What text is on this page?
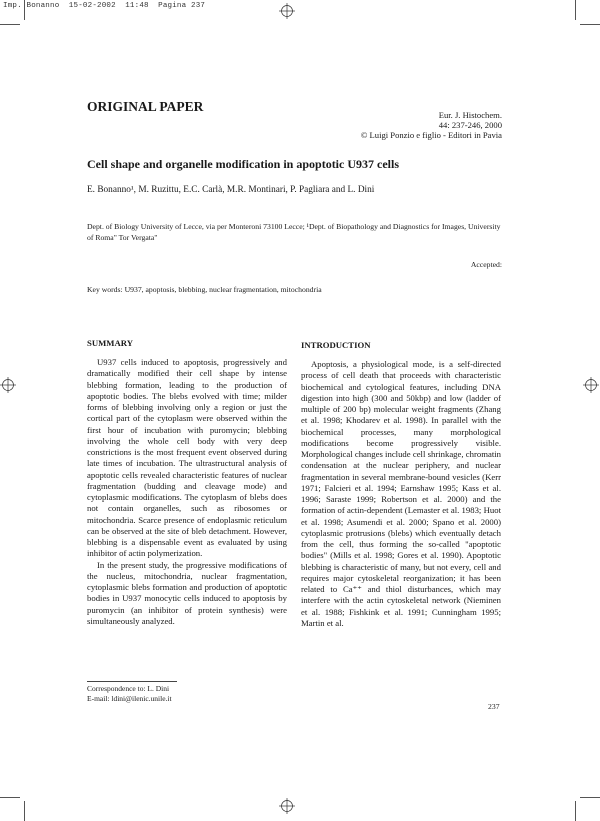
Imp. Bonanno  15-02-2002  11:48  Pagina 237
ORIGINAL PAPER
Eur. J. Histochem.
44: 237-246, 2000
© Luigi Ponzio e figlio - Editori in Pavia
Cell shape and organelle modification in apoptotic U937 cells
E. Bonanno¹, M. Ruzittu, E.C. Carlà, M.R. Montinari, P. Pagliara and L. Dini
Dept. of Biology University of Lecce, via per Monteroni 73100 Lecce; ¹Dept. of Biopathology and Diagnostics for Images, University of Roma" Tor Vergata"
Accepted:
Key words: U937, apoptosis, blebbing, nuclear fragmentation, mitochondria
SUMMARY

U937 cells induced to apoptosis, progressively and dramatically modified their cell shape by intense blebbing formation, leading to the production of apoptotic bodies. The blebs evolved with time; milder forms of blebbing involving only a region or just the cortical part of the cytoplasm were observed within the first hour of incubation with puromycin; blebbing involving the whole cell body with very deep constrictions is the most frequent event observed during late times of incubation. The ultrastructural analysis of apoptotic cells revealed characteristic features of nuclear fragmentation (budding and cleavage mode) and cytoplasmic modifications. The cytoplasm of blebs does not contain organelles, such as ribosomes or mitochondria. Scarce presence of endoplasmic reticulum can be observed at the site of bleb detachment. However, blebbing is a dispensable event as evaluated by using inhibitor of actin polymerization.

In the present study, the progressive modifications of the nucleus, mitochondria, nuclear fragmentation, cytoplasmic blebs formation and production of apoptotic bodies in U937 monocytic cells induced to apoptosis by puromycin (an inhibitor of protein synthesis) were simultaneously analyzed.

INTRODUCTION

Apoptosis, a physiological mode, is a self-directed process of cell death that proceeds with characteristic biochemical and cytological features, including DNA digestion into high (300 and 50kbp) and low (ladder of multiple of 200 bp) molecular weight fragments (Zhang et al. 1998; Khodarev et al. 1998). In parallel with the biochemical processes, many morphological modifications become progressively visible. Morphological changes include cell shrinkage, chromatin condensation at the nuclear periphery, and nuclear fragmentation in several membrane-bound vesicles (Kerr 1971; Falcieri et al. 1994; Earnshaw 1995; Kass et al. 1996; Saraste 1999; Robertson et al. 2000) and the formation of actin-dependent (Lemaster et al. 1983; Huot et al. 1998; Asumendi et al. 2000; Spano et al. 2000) cytoplasmic protrusions (blebs) which eventually detach from the cell, thus forming the so-called "apoptotic bodies" (Mills et al. 1998; Gores et al. 1990). Apoptotic blebbing is characteristic of many, but not every, cell and requires major cytoskeletal reorganization; it has been related to Ca⁺⁺ and thiol disturbances, which may interfere with the actin cytoskeletal network (Nieminen et al. 1988; Fishkink et al. 1991; Cunningham 1995; Martin et al.

Correspondence to: L. Dini
E-mail: ldini@ilenic.unile.it
237
